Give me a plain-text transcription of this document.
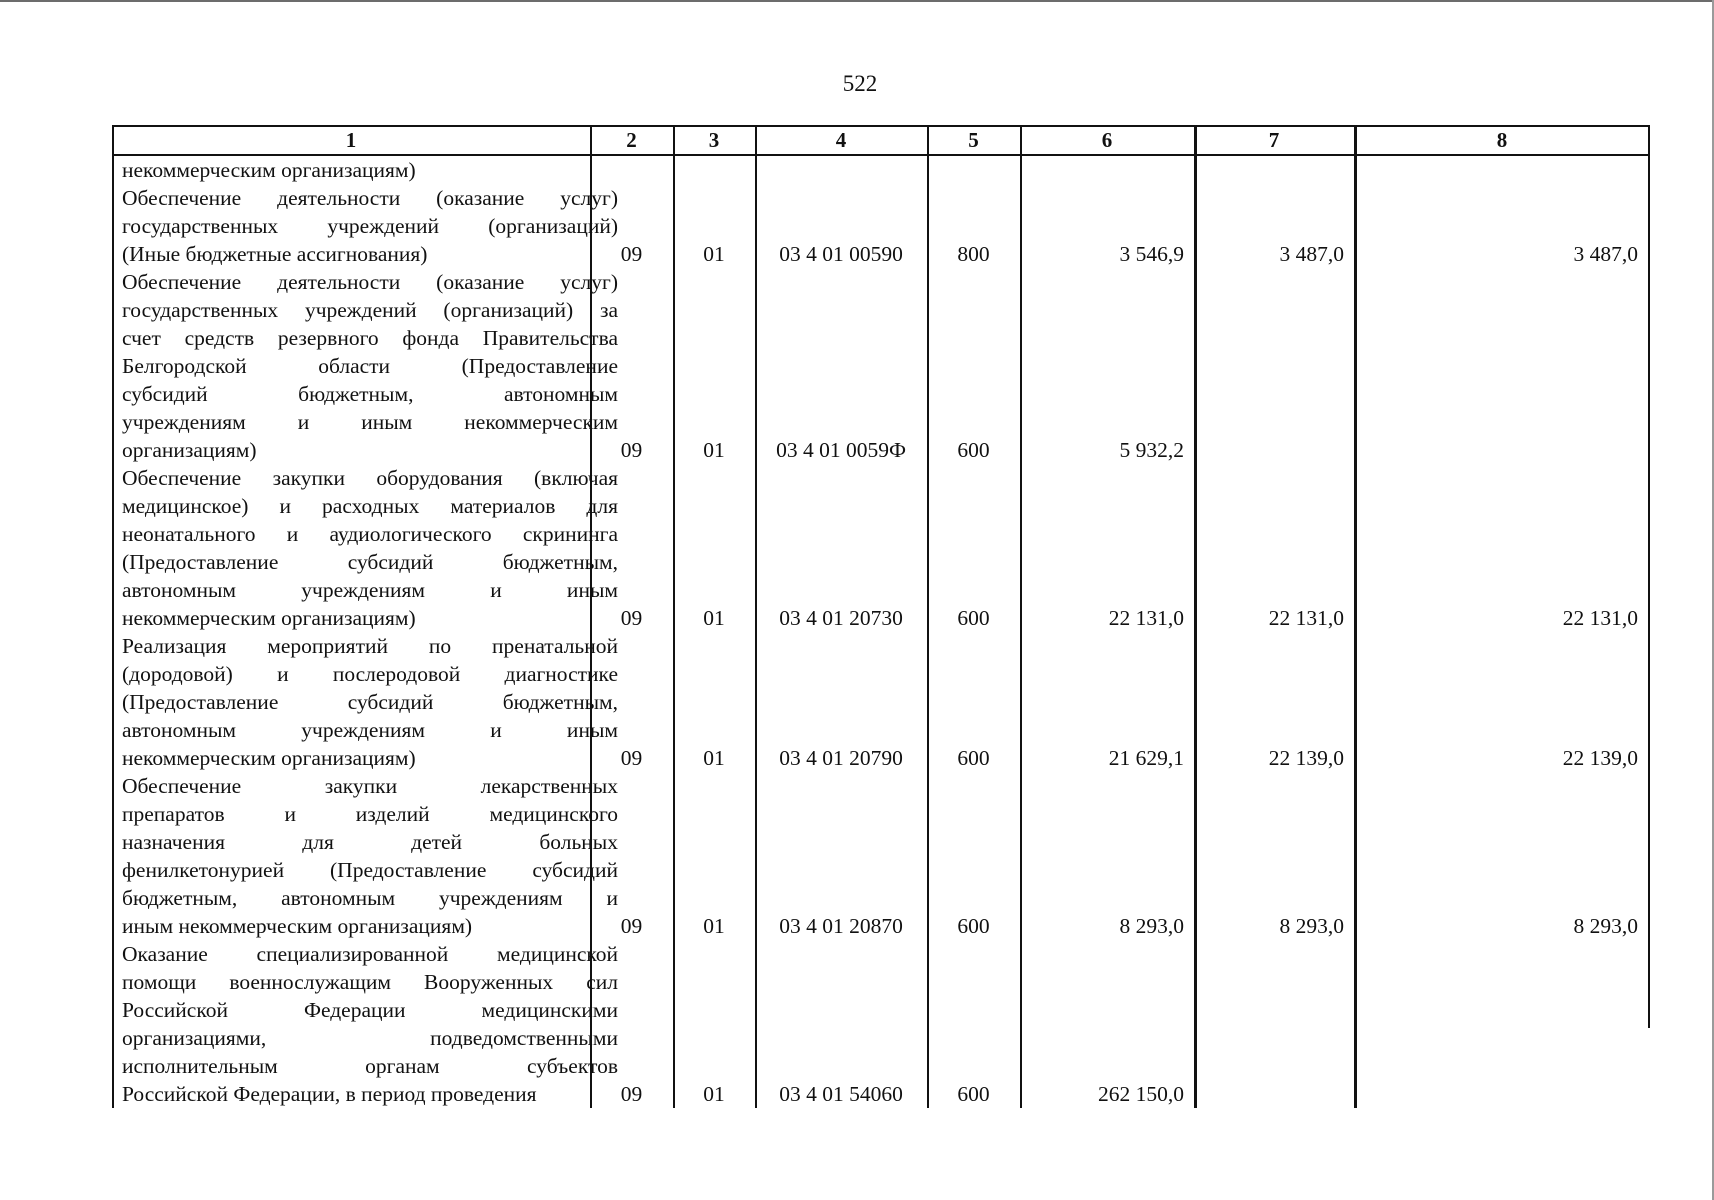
522
1	2	3	4	5	6	7	8
некоммерческим организациям)
Обеспечение деятельности (оказание услуг)
государственных учреждений (организаций)
(Иные бюджетные ассигнования)	09	01	03 4 01 00590	800	3 546,9	3 487,0	3 487,0
Обеспечение деятельности (оказание услуг)
государственных учреждений (организаций) за
счет средств резервного фонда Правительства
Белгородской области (Предоставление
субсидий бюджетным, автономным
учреждениям и иным некоммерческим
организациям)	09	01	03 4 01 0059Ф	600	5 932,2
Обеспечение закупки оборудования (включая
медицинское) и расходных материалов для
неонатального и аудиологического скрининга
(Предоставление субсидий бюджетным,
автономным учреждениям и иным
некоммерческим организациям)	09	01	03 4 01 20730	600	22 131,0	22 131,0	22 131,0
Реализация мероприятий по пренатальной
(дородовой) и послеродовой диагностике
(Предоставление субсидий бюджетным,
автономным учреждениям и иным
некоммерческим организациям)	09	01	03 4 01 20790	600	21 629,1	22 139,0	22 139,0
Обеспечение закупки лекарственных
препаратов и изделий медицинского
назначения для детей больных
фенилкетонурией (Предоставление субсидий
бюджетным, автономным учреждениям и
иным некоммерческим организациям)	09	01	03 4 01 20870	600	8 293,0	8 293,0	8 293,0
Оказание специализированной медицинской
помощи военнослужащим Вооруженных сил
Российской Федерации медицинскими
организациями, подведомственными
исполнительным органам субъектов
Российской Федерации, в период проведения	09	01	03 4 01 54060	600	262 150,0
